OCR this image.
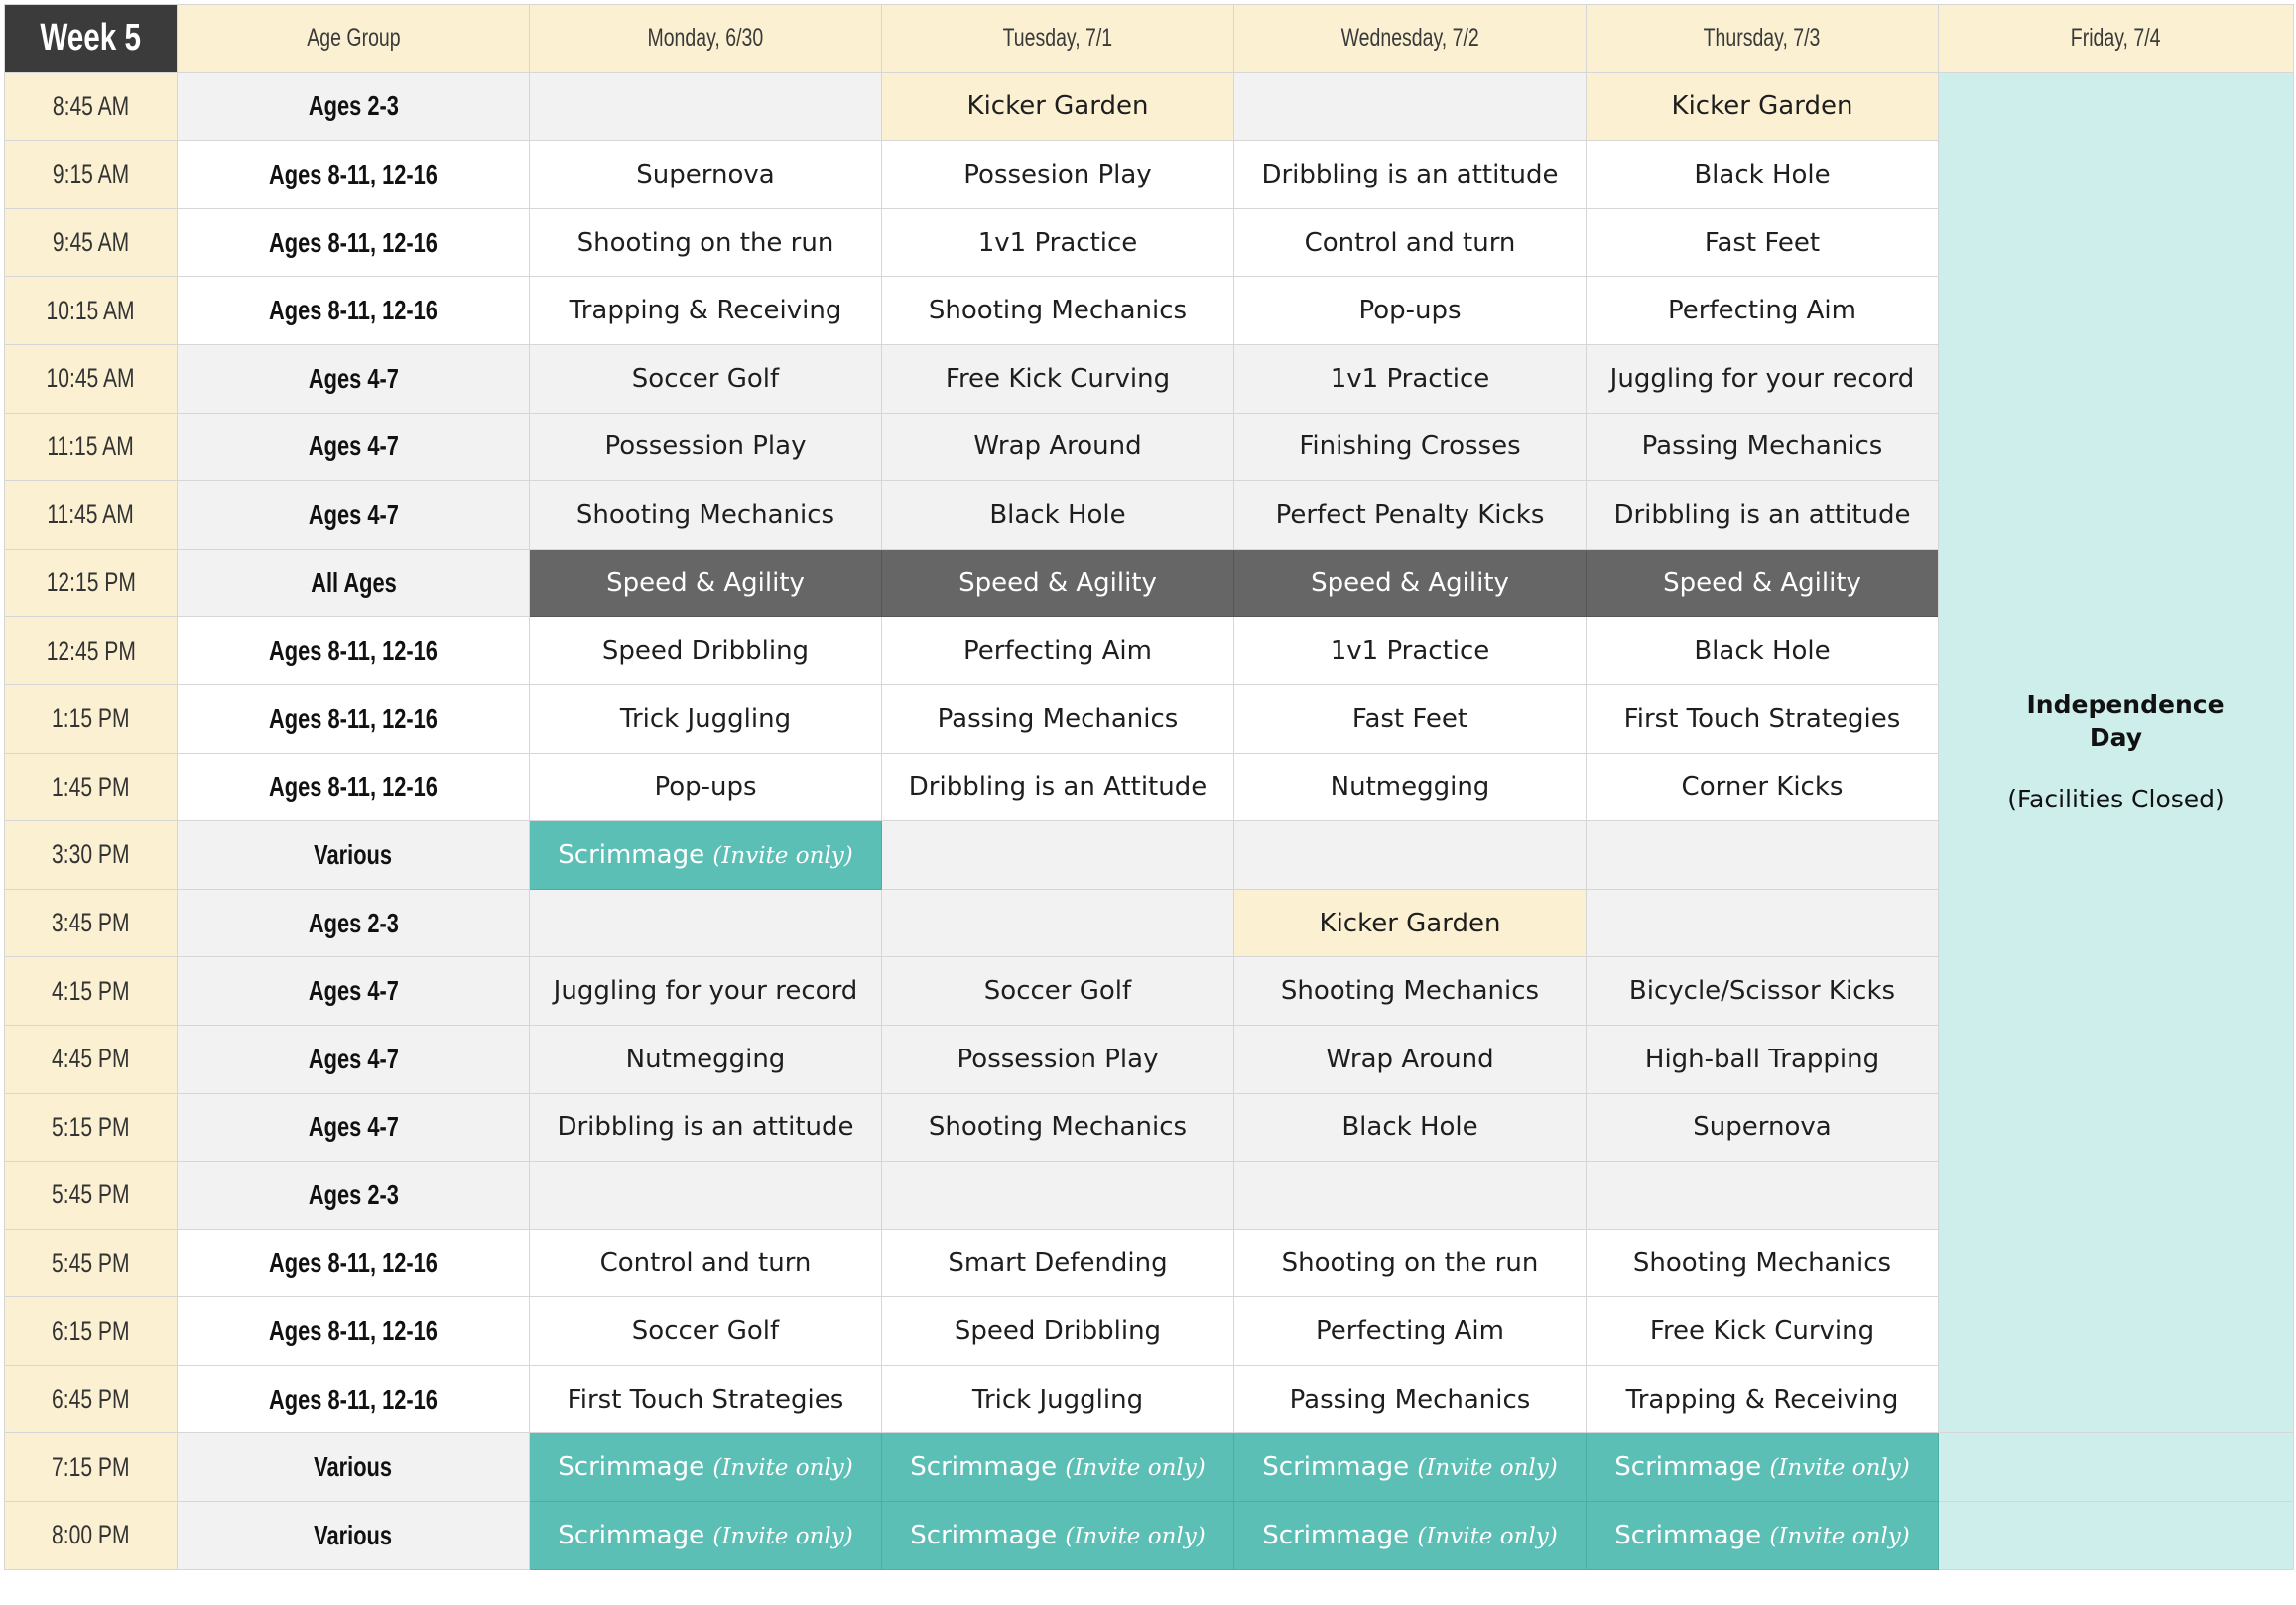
Week 5	Age Group	Monday, 6/30	Tuesday, 7/1	Wednesday, 7/2	Thursday, 7/3	Friday, 7/4
8:45 AM	Ages 2-3		Kicker Garden		Kicker Garden	Independence Day
(Facilities Closed)

9:15 AM	Ages 8-11, 12-16	Supernova	Possesion Play	Dribbling is an attitude	Black Hole	
9:45 AM	Ages 8-11, 12-16	Shooting on the run	1v1 Practice	Control and turn	Fast Feet	
10:15 AM	Ages 8-11, 12-16	Trapping & Receiving	Shooting Mechanics	Pop-ups	Perfecting Aim	
10:45 AM	Ages 4-7	Soccer Golf	Free Kick Curving	1v1 Practice	Juggling for your record	
11:15 AM	Ages 4-7	Possession Play	Wrap Around	Finishing Crosses	Passing Mechanics	
11:45 AM	Ages 4-7	Shooting Mechanics	Black Hole	Perfect Penalty Kicks	Dribbling is an attitude	
12:15 PM	All Ages	Speed & Agility	Speed & Agility	Speed & Agility	Speed & Agility	
12:45 PM	Ages 8-11, 12-16	Speed Dribbling	Perfecting Aim	1v1 Practice	Black Hole	
1:15 PM	Ages 8-11, 12-16	Trick Juggling	Passing Mechanics	Fast Feet	First Touch Strategies	
1:45 PM	Ages 8-11, 12-16	Pop-ups	Dribbling is an Attitude	Nutmegging	Corner Kicks	
3:30 PM	Various	Scrimmage (Invite only)				
3:45 PM	Ages 2-3			Kicker Garden		
4:15 PM	Ages 4-7	Juggling for your record	Soccer Golf	Shooting Mechanics	Bicycle/Scissor Kicks	
4:45 PM	Ages 4-7	Nutmegging	Possession Play	Wrap Around	High-ball Trapping	
5:15 PM	Ages 4-7	Dribbling is an attitude	Shooting Mechanics	Black Hole	Supernova	
5:45 PM	Ages 2-3					
5:45 PM	Ages 8-11, 12-16	Control and turn	Smart Defending	Shooting on the run	Shooting Mechanics	
6:15 PM	Ages 8-11, 12-16	Soccer Golf	Speed Dribbling	Perfecting Aim	Free Kick Curving	
6:45 PM	Ages 8-11, 12-16	First Touch Strategies	Trick Juggling	Passing Mechanics	Trapping & Receiving	
7:15 PM	Various	Scrimmage (Invite only)	Scrimmage (Invite only)	Scrimmage (Invite only)	Scrimmage (Invite only)	
8:00 PM	Various	Scrimmage (Invite only)	Scrimmage (Invite only)	Scrimmage (Invite only)	Scrimmage (Invite only)	
